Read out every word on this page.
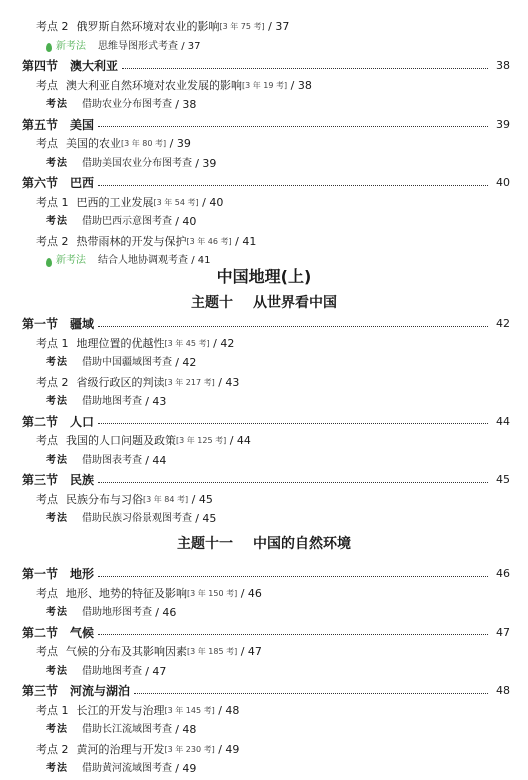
中国地理(上)
主题十 从世界看中国
主题十一 中国的自然环境
考点 2 俄罗斯自然环境对农业的影响[3 年 75 考] / 37
新考法 思维导图形式考查 / 37
第四节 澳大利亚	38
考点 澳大利亚自然环境对农业发展的影响[3 年 19 考] / 38
考法 借助农业分布图考查 / 38
第五节 美国	39
考点 美国的农业[3 年 80 考] / 39
考法 借助美国农业分布图考查 / 39
第六节 巴西	40
考点 1 巴西的工业发展[3 年 54 考] / 40
考法 借助巴西示意图考查 / 40
考点 2 热带雨林的开发与保护[3 年 46 考] / 41
新考法 结合人地协调观考查 / 41
第一节 疆域	42
考点 1 地理位置的优越性[3 年 45 考] / 42
考法 借助中国疆域图考查 / 42
考点 2 省级行政区的判读[3 年 217 考] / 43
考法 借助地图考查 / 43
第二节 人口	44
考点 我国的人口问题及政策[3 年 125 考] / 44
考法 借助图表考查 / 44
第三节 民族	45
考点 民族分布与习俗[3 年 84 考] / 45
考法 借助民族习俗景观图考查 / 45
第一节 地形	46
考点 地形、地势的特征及影响[3 年 150 考] / 46
考法 借助地形图考查 / 46
第二节 气候	47
考点 气候的分布及其影响因素[3 年 185 考] / 47
考法 借助地图考查 / 47
第三节 河流与湖泊	48
考点 1 长江的开发与治理[3 年 145 考] / 48
考法 借助长江流域图考查 / 48
考点 2 黄河的治理与开发[3 年 230 考] / 49
考法 借助黄河流域图考查 / 49
